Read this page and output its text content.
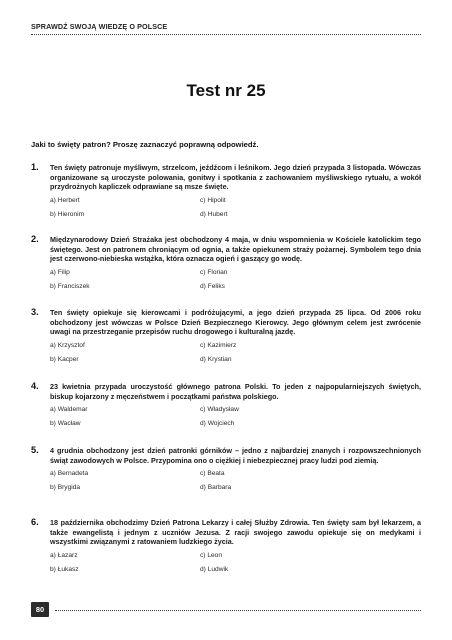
SPRAWDŹ SWOJĄ WIEDZĘ O POLSCE
Test nr 25
Jaki to święty patron? Proszę zaznaczyć poprawną odpowiedź.
1. Ten święty patronuje myśliwym, strzelcom, jeźdźcom i leśnikom. Jego dzień przypada 3 listopada. Wówczas organizowane są uroczyste polowania, gonitwy i spotkania z zachowaniem myśliwskiego rytuału, a wokół przydrożnych kapliczek odprawiane są msze święte.
a) Herbert	c) Hipolit
b) Hieronim	d) Hubert
2. Międzynarodowy Dzień Strażaka jest obchodzony 4 maja, w dniu wspomnienia w Kościele katolickim tego świętego. Jest on patronem chroniącym od ognia, a także opiekunem straży pożarnej. Symbolem tego dnia jest czerwono-niebieska wstążka, która oznacza ogień i gaszący go wodę.
a) Filip	c) Florian
b) Franciszek	d) Feliks
3. Ten święty opiekuje się kierowcami i podróżującymi, a jego dzień przypada 25 lipca. Od 2006 roku obchodzony jest wówczas w Polsce Dzień Bezpiecznego Kierowcy. Jego głównym celem jest zwrócenie uwagi na przestrzeganie przepisów ruchu drogowego i kulturalną jazdę.
a) Krzysztof	c) Kazimierz
b) Kacper	d) Krystian
4. 23 kwietnia przypada uroczystość głównego patrona Polski. To jeden z najpopularniejszych świętych, biskup kojarzony z męczeństwem i początkami państwa polskiego.
a) Waldemar	c) Władysław
b) Wacław	d) Wojciech
5. 4 grudnia obchodzony jest dzień patronki górników – jedno z najbardziej znanych i rozpowszechnionych świąt zawodowych w Polsce. Przypomina ono o ciężkiej i niebezpiecznej pracy ludzi pod ziemią.
a) Bernadeta	c) Beata
b) Brygida	d) Barbara
6. 18 października obchodzimy Dzień Patrona Lekarzy i całej Służby Zdrowia. Ten święty sam był lekarzem, a także ewangelistą i jednym z uczniów Jezusa. Z racji swojego zawodu opiekuje się on medykami i wszystkimi związanymi z ratowaniem ludzkiego życia.
a) Łazarz	c) Leon
b) Łukasz	d) Ludwik
80
